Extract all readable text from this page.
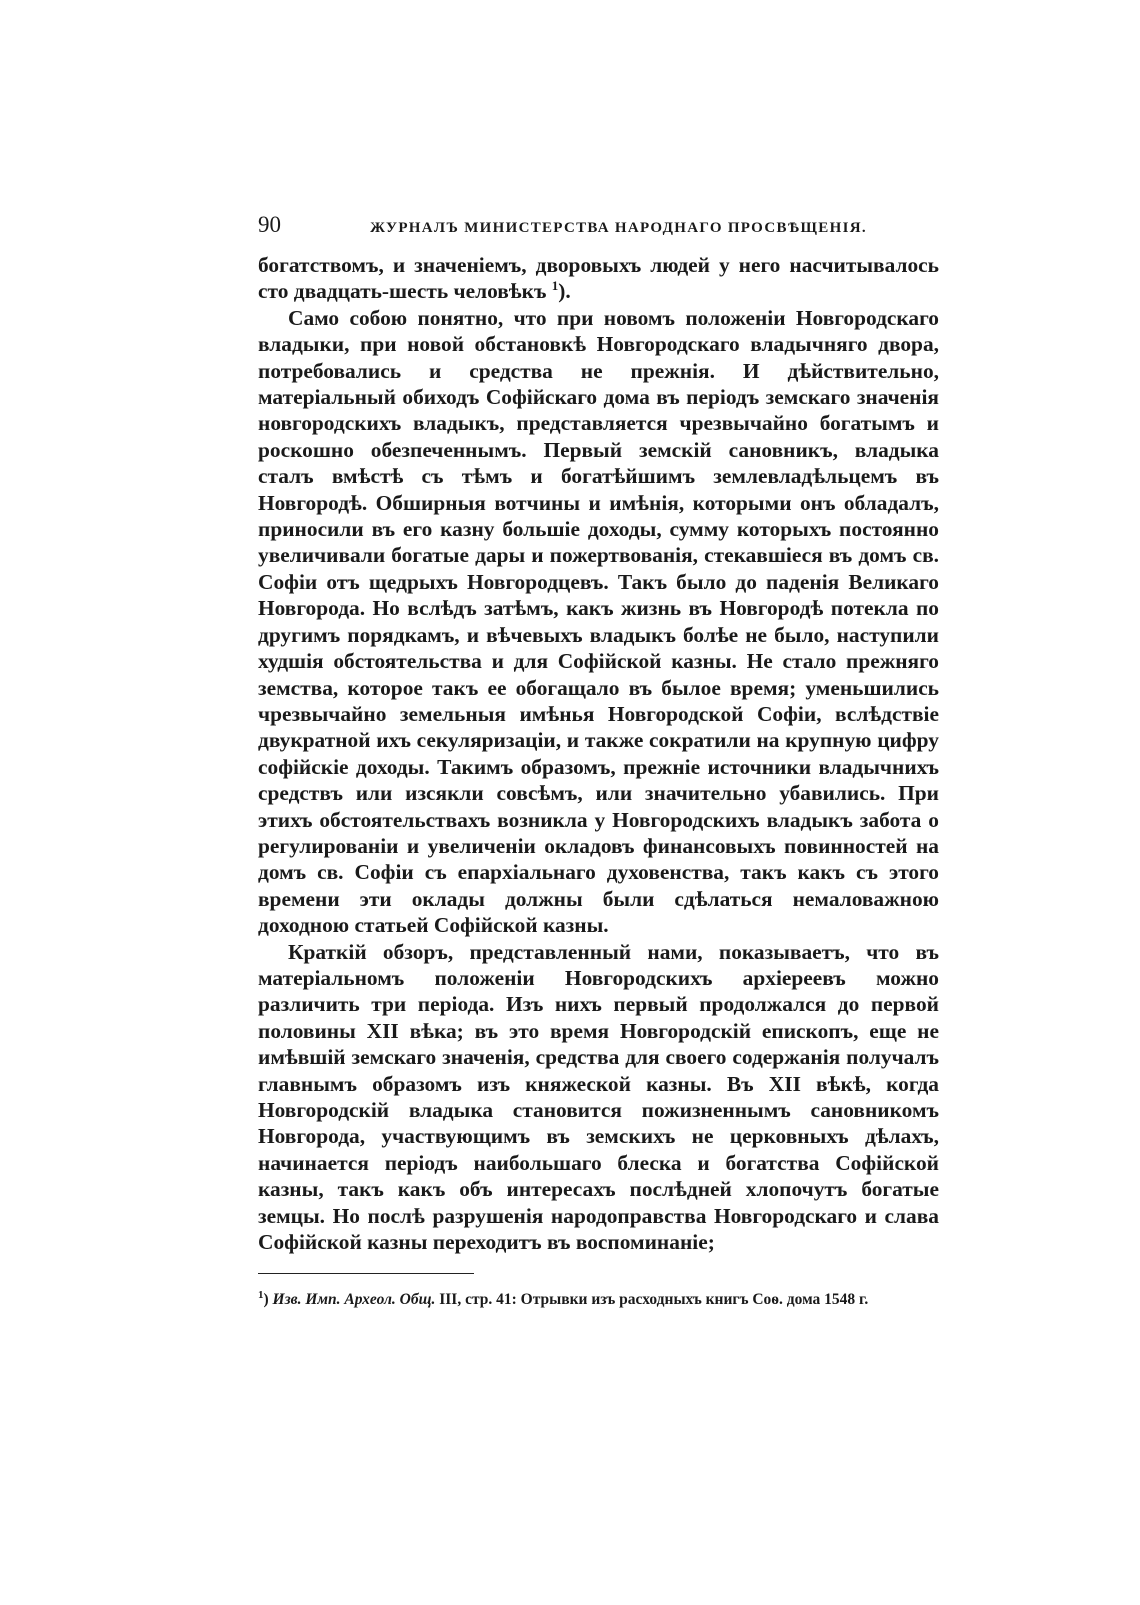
90	ЖУРНАЛЪ МИНИСТЕРСТВА НАРОДНАГО ПРОСВѢЩЕНІЯ.

богатствомъ, и значеніемъ, дворовыхъ людей у него насчитывалось сто двадцать-шесть человѣкъ $^1$).

Само собою понятно, что при новомъ положеніи Новгородскаго владыки, при новой обстановкѣ Новгородскаго владычняго двора, потребовались и средства не прежнія. И дѣйствительно, матеріальный обиходъ Софійскаго дома въ періодъ земскаго значенія новгородскихъ владыкъ, представляется чрезвычайно богатымъ и роскошно обезпеченнымъ. Первый земскій сановникъ, владыка сталъ вмѣстѣ съ тѣмъ и богатѣйшимъ землевладѣльцемъ въ Новгородѣ. Обширныя вотчины и имѣнія, которыми онъ обладалъ, приносили въ его казну большіе доходы, сумму которыхъ постоянно увеличивали богатые дары и пожертвованія, стекавшіеся въ домъ св. Софіи отъ щедрыхъ Новгородцевъ. Такъ было до паденія Великаго Новгорода. Но вслѣдъ затѣмъ, какъ жизнь въ Новгородѣ потекла по другимъ порядкамъ, и вѣчевыхъ владыкъ болѣе не было, наступили худшія обстоятельства и для Софійской казны. Не стало прежняго земства, которое такъ ее обогащало въ былое время; уменьшились чрезвычайно земельныя имѣнья Новгородской Софіи, вслѣдствіе двукратной ихъ секуляризаціи, и также сократили на крупную цифру софійскіе доходы. Такимъ образомъ, прежніе источники владычнихъ средствъ или изсякли совсѣмъ, или значительно убавились. При этихъ обстоятельствахъ возникла у Новгородскихъ владыкъ забота о регулированіи и увеличеніи окладовъ финансовыхъ повинностей на домъ св. Софіи съ епархіальнаго духовенства, такъ какъ съ этого времени эти оклады должны были сдѣлаться немаловажною доходною статьей Софійской казны.

Краткій обзоръ, представленный нами, показываетъ, что въ матеріальномъ положеніи Новгородскихъ архіереевъ можно различить три періода. Изъ нихъ первый продолжался до первой половины XII вѣка; въ это время Новгородскій епископъ, еще не имѣвшій земскаго значенія, средства для своего содержанія получалъ главнымъ образомъ изъ княжеской казны. Въ XII вѣкѣ, когда Новгородскій владыка становится пожизненнымъ сановникомъ Новгорода, участвующимъ въ земскихъ не церковныхъ дѣлахъ, начинается періодъ наибольшаго блеска и богатства Софійской казны, такъ какъ объ интересахъ послѣдней хлопочутъ богатые земцы. Но послѣ разрушенія народоправства Новгородскаго и слава Софійской казны переходитъ въ воспоминаніе;

$^1$) Изв. Имп. Археол. Общ. III, стр. 41: Отрывки изъ расходныхъ книгъ Соѳ. дома 1548 г.
